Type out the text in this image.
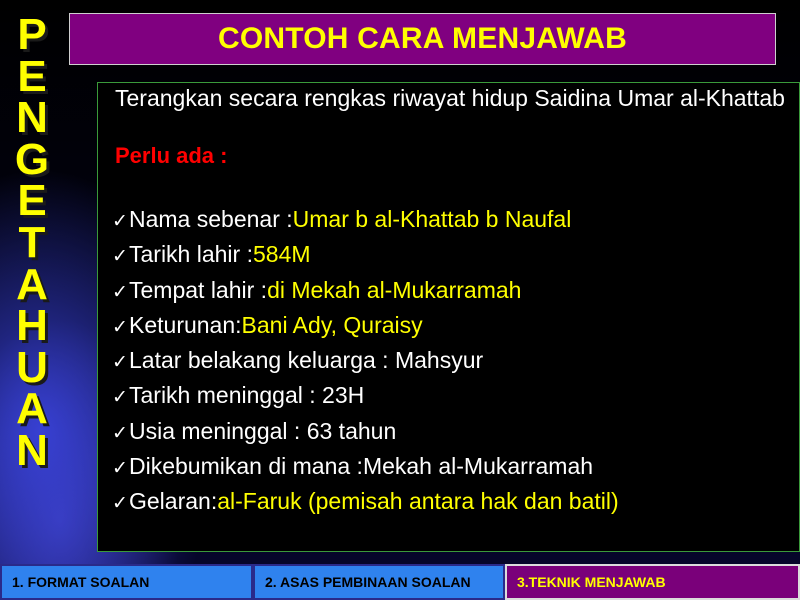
P
E
N
G
E
T
A
H
U
A
N
CONTOH CARA MENJAWAB
Terangkan secara rengkas riwayat hidup Saidina Umar al-Khattab
Perlu ada :
✓ Nama sebenar : Umar b al-Khattab b Naufal
✓ Tarikh lahir : 584M
✓ Tempat lahir : di Mekah al-Mukarramah
✓ Keturunan: Bani Ady, Quraisy
✓ Latar belakang keluarga : Mahsyur
✓ Tarikh meninggal : 23H
✓ Usia meninggal : 63 tahun
✓ Dikebumikan di mana :Mekah al-Mukarramah
✓ Gelaran: al-Faruk (pemisah antara hak dan batil)
1. FORMAT SOALAN	2. ASAS PEMBINAAN SOALAN	3.TEKNIK MENJAWAB
